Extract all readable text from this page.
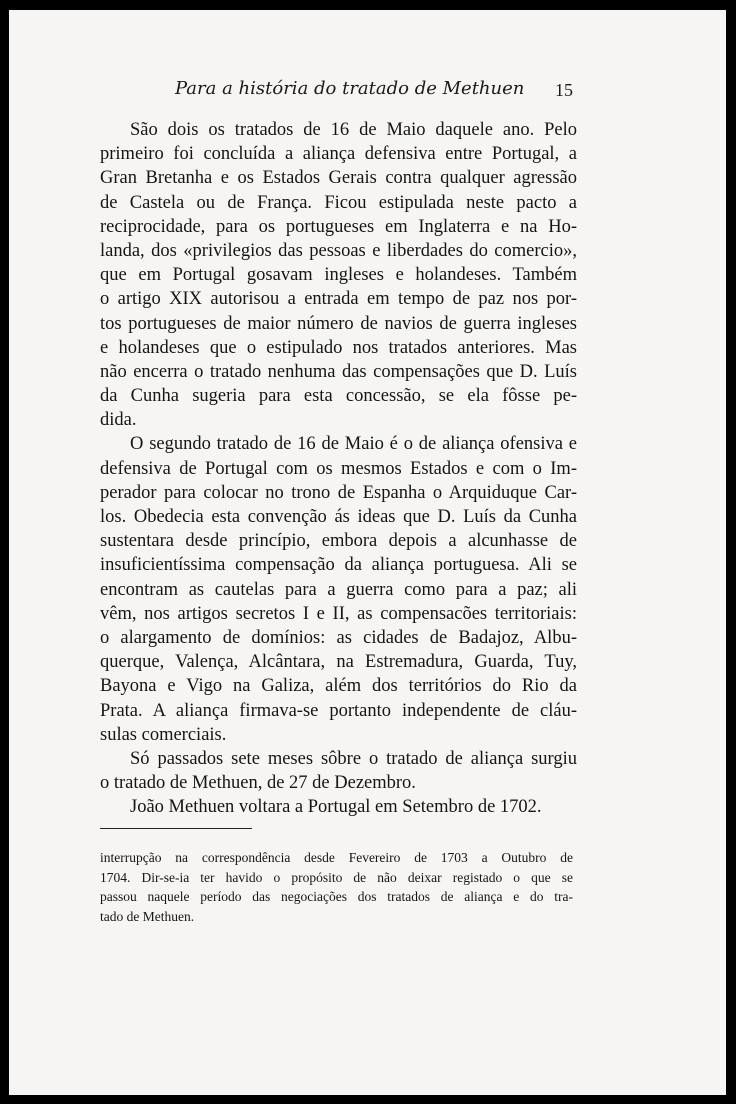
Para a história do tratado de Methuen 15
São dois os tratados de 16 de Maio daquele ano. Pelo
primeiro foi concluída a aliança defensiva entre Portugal, a
Gran Bretanha e os Estados Gerais contra qualquer agressão
de Castela ou de França. Ficou estipulada neste pacto a
reciprocidade, para os portugueses em Inglaterra e na Ho-
landa, dos «privilegios das pessoas e liberdades do comercio»,
que em Portugal gosavam ingleses e holandeses. Também
o artigo XIX autorisou a entrada em tempo de paz nos por-
tos portugueses de maior número de navios de guerra ingleses
e holandeses que o estipulado nos tratados anteriores. Mas
não encerra o tratado nenhuma das compensações que D. Luís
da Cunha sugeria para esta concessão, se ela fôsse pe-
dida.
O segundo tratado de 16 de Maio é o de aliança ofensiva e
defensiva de Portugal com os mesmos Estados e com o Im-
perador para colocar no trono de Espanha o Arquiduque Car-
los. Obedecia esta convenção ás ideas que D. Luís da Cunha
sustentara desde princípio, embora depois a alcunhasse de
insuficientíssima compensação da aliança portuguesa. Ali se
encontram as cautelas para a guerra como para a paz; ali
vêm, nos artigos secretos I e II, as compensacões territoriais:
o alargamento de domínios: as cidades de Badajoz, Albu-
querque, Valença, Alcântara, na Estremadura, Guarda, Tuy,
Bayona e Vigo na Galiza, além dos territórios do Rio da
Prata. A aliança firmava-se portanto independente de cláu-
sulas comerciais.
Só passados sete meses sôbre o tratado de aliança surgiu
o tratado de Methuen, de 27 de Dezembro.
João Methuen voltara a Portugal em Setembro de 1702.
interrupção na correspondência desde Fevereiro de 1703 a Outubro de
1704. Dir-se-ia ter havido o propósito de não deixar registado o que se
passou naquele período das negociações dos tratados de aliança e do tra-
tado de Methuen.
